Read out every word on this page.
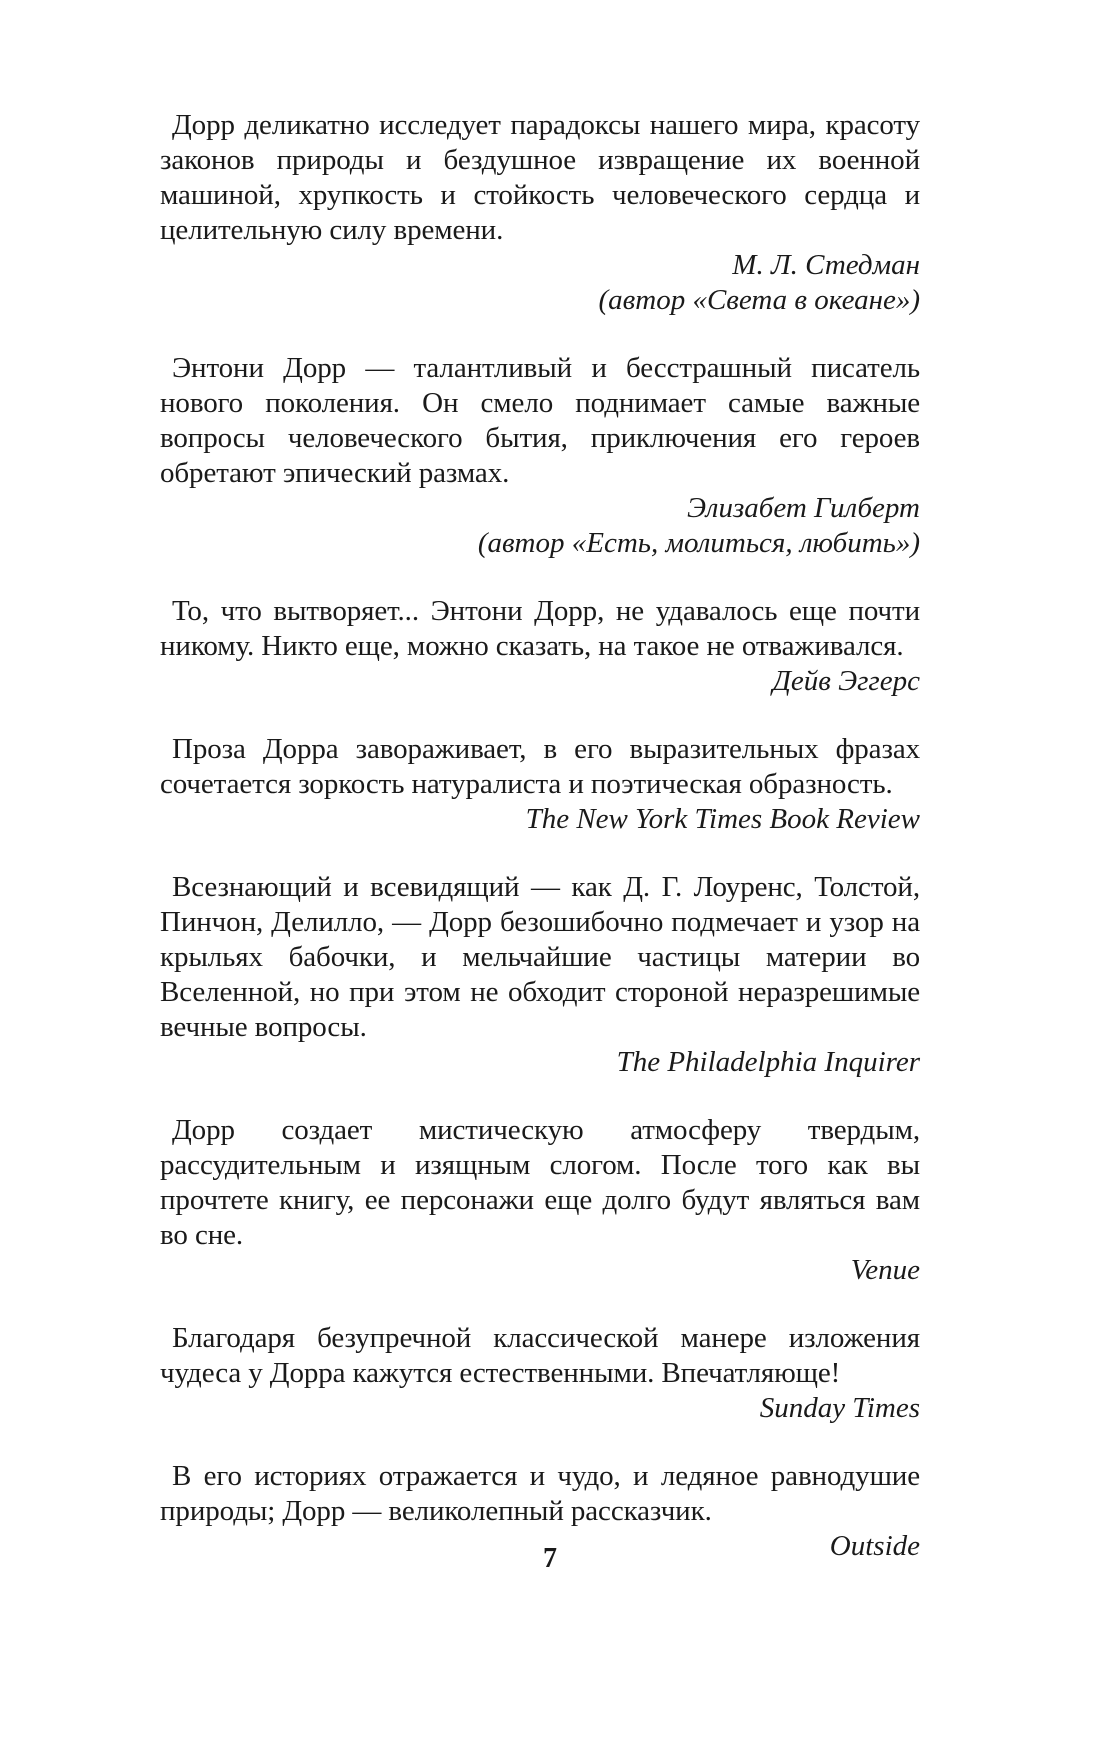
Дорр деликатно исследует парадоксы нашего мира, красоту законов природы и бездушное извращение их военной машиной, хрупкость и стойкость человеческого сердца и целительную силу времени.

М. Л. Стедман

(автор «Света в океане»)

Энтони Дорр — талантливый и бесстрашный писатель нового поколения. Он смело поднимает самые важные вопросы человеческого бытия, приключения его героев обретают эпический размах.

Элизабет Гилберт

(автор «Есть, молиться, любить»)

То, что вытворяет... Энтони Дорр, не удавалось еще почти никому. Никто еще, можно сказать, на такое не отваживался.

Дейв Эггерс

Проза Дорра завораживает, в его выразительных фразах сочетается зоркость натуралиста и поэтическая образность.

The New York Times Book Review

Всезнающий и всевидящий — как Д. Г. Лоуренс, Толстой, Пинчон, Делилло, — Дорр безошибочно подмечает и узор на крыльях бабочки, и мельчайшие частицы материи во Вселенной, но при этом не обходит стороной неразрешимые вечные вопросы.

The Philadelphia Inquirer

Дорр создает мистическую атмосферу твердым, рассудительным и изящным слогом. После того как вы прочтете книгу, ее персонажи еще долго будут являться вам во сне.

Venue

Благодаря безупречной классической манере изложения чудеса у Дорра кажутся естественными. Впечатляюще!

Sunday Times

В его историях отражается и чудо, и ледяное равнодушие природы; Дорр — великолепный рассказчик.

Outside

7
